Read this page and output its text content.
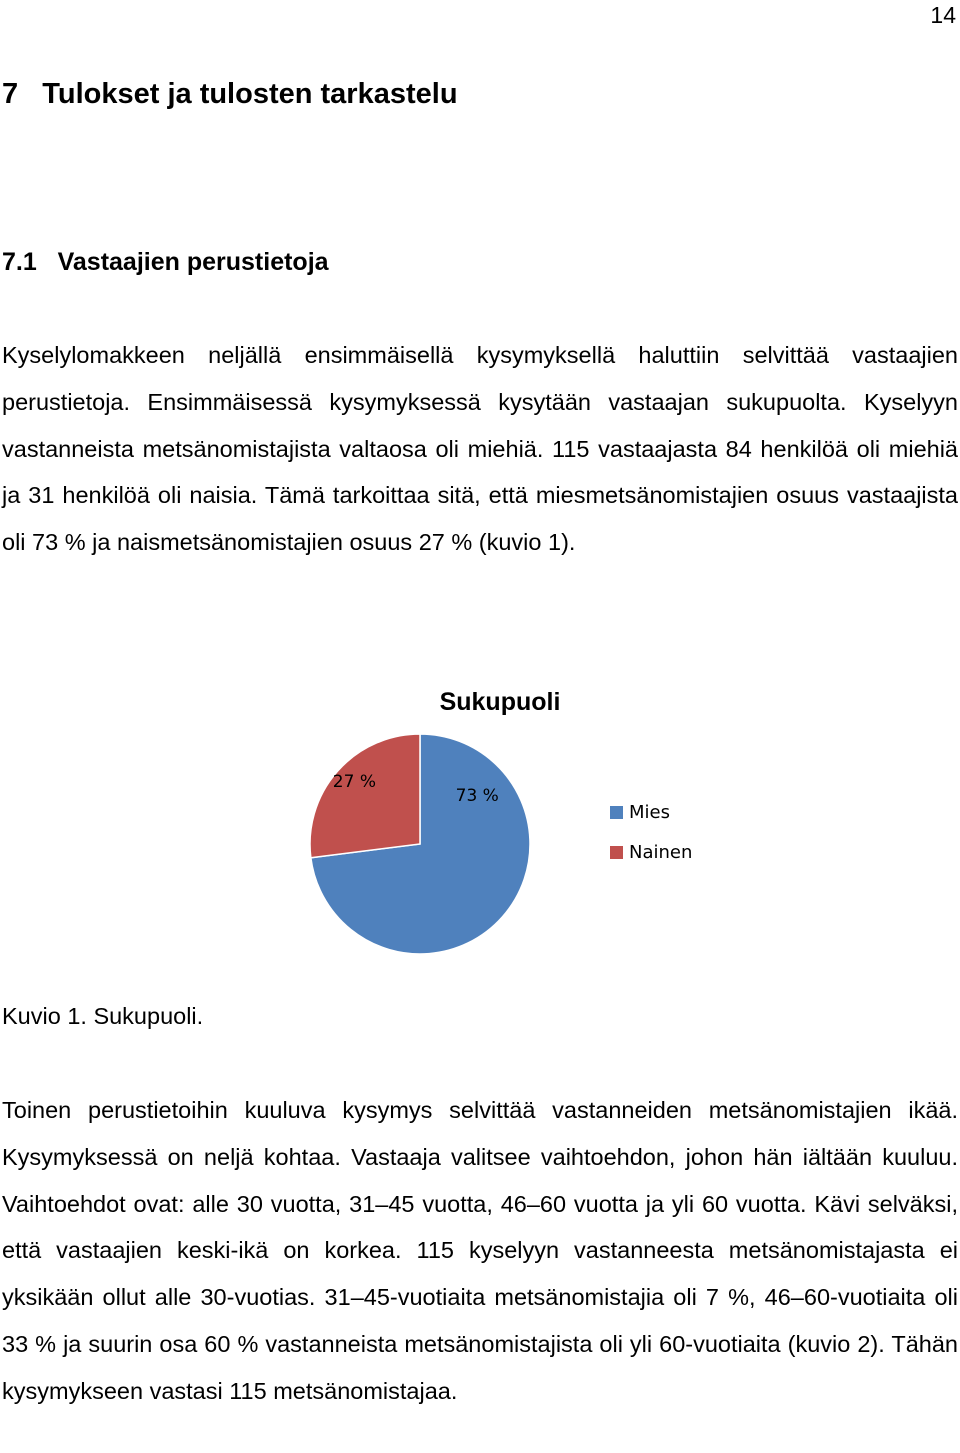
14
7   Tulokset ja tulosten tarkastelu
7.1   Vastaajien perustietoja

Kyselylomakkeen neljällä ensimmäisellä kysymyksellä haluttiin selvittää vastaajien perustietoja. Ensimmäisessä kysymyksessä kysytään vastaajan sukupuolta. Kyselyyn vastanneista metsänomistajista valtaosa oli miehiä. 115 vastaajasta 84 henkilöä oli miehiä ja 31 henkilöä oli naisia. Tämä tarkoittaa sitä, että miesmetsänomistajien osuus vastaajista oli 73 % ja naismetsänomistajien osuus 27 % (kuvio 1).

Sukupuoli
73 %
27 %
Mies
Nainen

Kuvio 1. Sukupuoli.

Toinen perustietoihin kuuluva kysymys selvittää vastanneiden metsänomistajien ikää. Kysymyksessä on neljä kohtaa. Vastaaja valitsee vaihtoehdon, johon hän iältään kuuluu. Vaihtoehdot ovat: alle 30 vuotta, 31–45 vuotta, 46–60 vuotta ja yli 60 vuotta. Kävi selväksi, että vastaajien keski-ikä on korkea. 115 kyselyyn vastanneesta metsänomistajasta ei yksikään ollut alle 30-vuotias. 31–45-vuotiaita metsänomistajia oli 7 %, 46–60-vuotiaita oli 33 % ja suurin osa 60 % vastanneista metsänomistajista oli yli 60-vuotiaita (kuvio 2). Tähän kysymykseen vastasi 115 metsänomistajaa.
